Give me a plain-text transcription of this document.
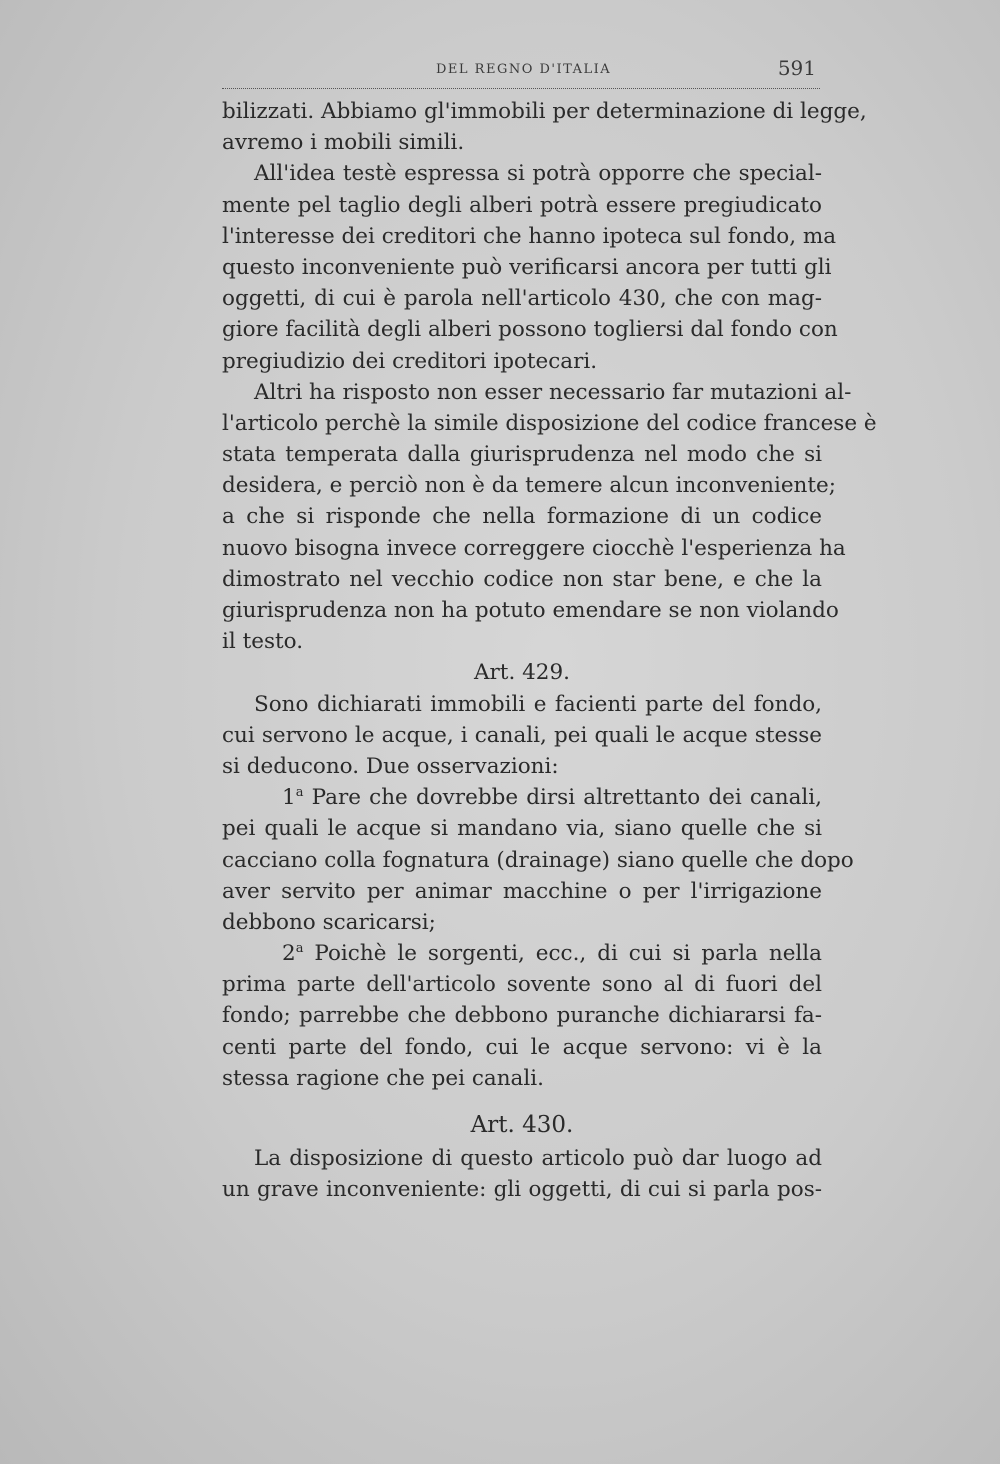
DEL REGNO D'ITALIA	591
bilizzati. Abbiamo gl'immobili per determinazione di legge,
avremo i mobili simili.
All'idea testè espressa si potrà opporre che special-
mente pel taglio degli alberi potrà essere pregiudicato
l'interesse dei creditori che hanno ipoteca sul fondo, ma
questo inconveniente può verificarsi ancora per tutti gli
oggetti, di cui è parola nell'articolo 430, che con mag-
giore facilità degli alberi possono togliersi dal fondo con
pregiudizio dei creditori ipotecari.
Altri ha risposto non esser necessario far mutazioni al-
l'articolo perchè la simile disposizione del codice francese è
stata temperata dalla giurisprudenza nel modo che si
desidera, e perciò non è da temere alcun inconveniente;
a che si risponde che nella formazione di un codice
nuovo bisogna invece correggere ciocchè l'esperienza ha
dimostrato nel vecchio codice non star bene, e che la
giurisprudenza non ha potuto emendare se non violando
il testo.
Art. 429.
Sono dichiarati immobili e facienti parte del fondo,
cui servono le acque, i canali, pei quali le acque stesse
si deducono. Due osservazioni:
1$^a$ Pare che dovrebbe dirsi altrettanto dei canali,
pei quali le acque si mandano via, siano quelle che si
cacciano colla fognatura (drainage) siano quelle che dopo
aver servito per animar macchine o per l'irrigazione
debbono scaricarsi;
2$^a$ Poichè le sorgenti, ecc., di cui si parla nella
prima parte dell'articolo sovente sono al di fuori del
fondo; parrebbe che debbono puranche dichiararsi fa-
centi parte del fondo, cui le acque servono: vi è la
stessa ragione che pei canali.
Art. 430.
La disposizione di questo articolo può dar luogo ad
un grave inconveniente: gli oggetti, di cui si parla pos-
